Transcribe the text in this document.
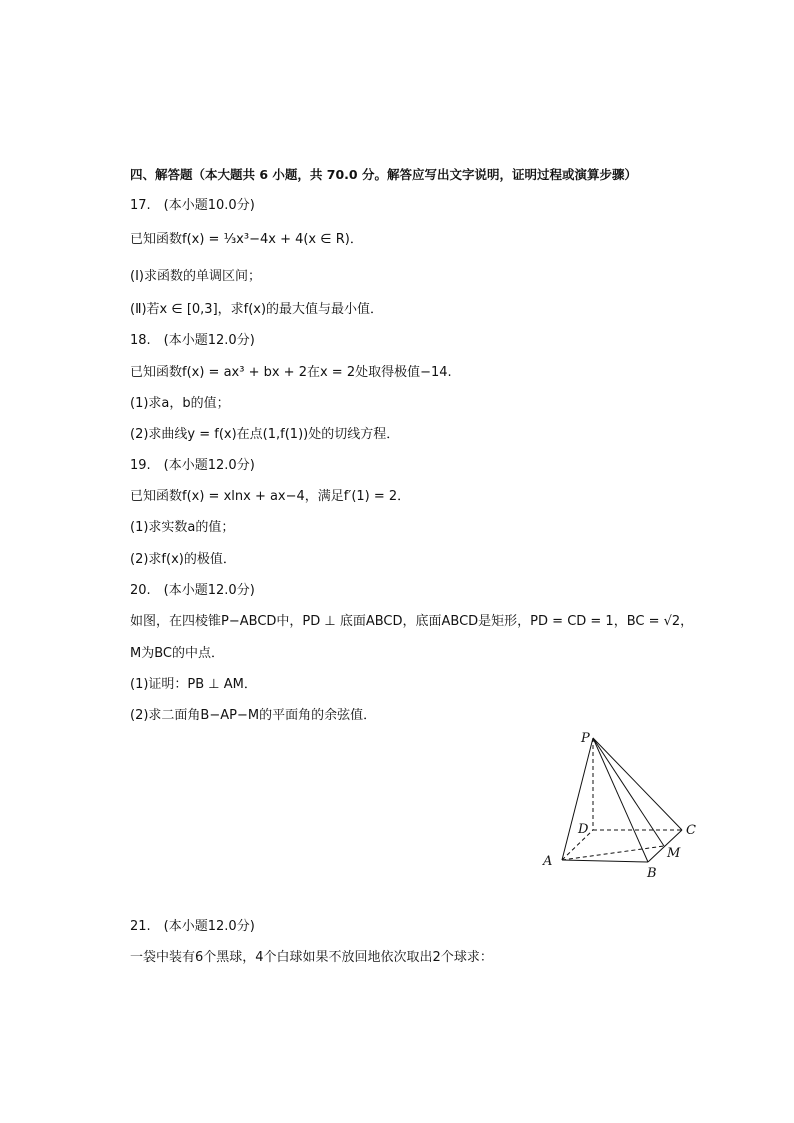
四、解答题（本大题共 6 小题，共 70.0 分。解答应写出文字说明，证明过程或演算步骤）
17.　(本小题10.0分)
已知函数f(x) = ⅓x³−4x + 4(x ∈ R)．
(Ⅰ)求函数的单调区间；
(Ⅱ)若x ∈ [0,3]，求f(x)的最大值与最小值．
18.　(本小题12.0分)
已知函数f(x) = ax³ + bx + 2在x = 2处取得极值−14.
(1)求a，b的值；
(2)求曲线y = f(x)在点(1,f(1))处的切线方程．
19.　(本小题12.0分)
已知函数f(x) = xlnx + ax−4，满足f′(1) = 2．
(1)求实数a的值；
(2)求f(x)的极值．
20.　(本小题12.0分)
如图，在四棱锥P−ABCD中，PD ⊥ 底面ABCD，底面ABCD是矩形，PD = CD = 1，BC = √2，
M为BC的中点．
(1)证明：PB ⊥ AM．
(2)求二面角B−AP−M的平面角的余弦值．
P
D	C
M
A
B
21.　(本小题12.0分)
一袋中装有6个黑球，4个白球如果不放回地依次取出2个球求：
